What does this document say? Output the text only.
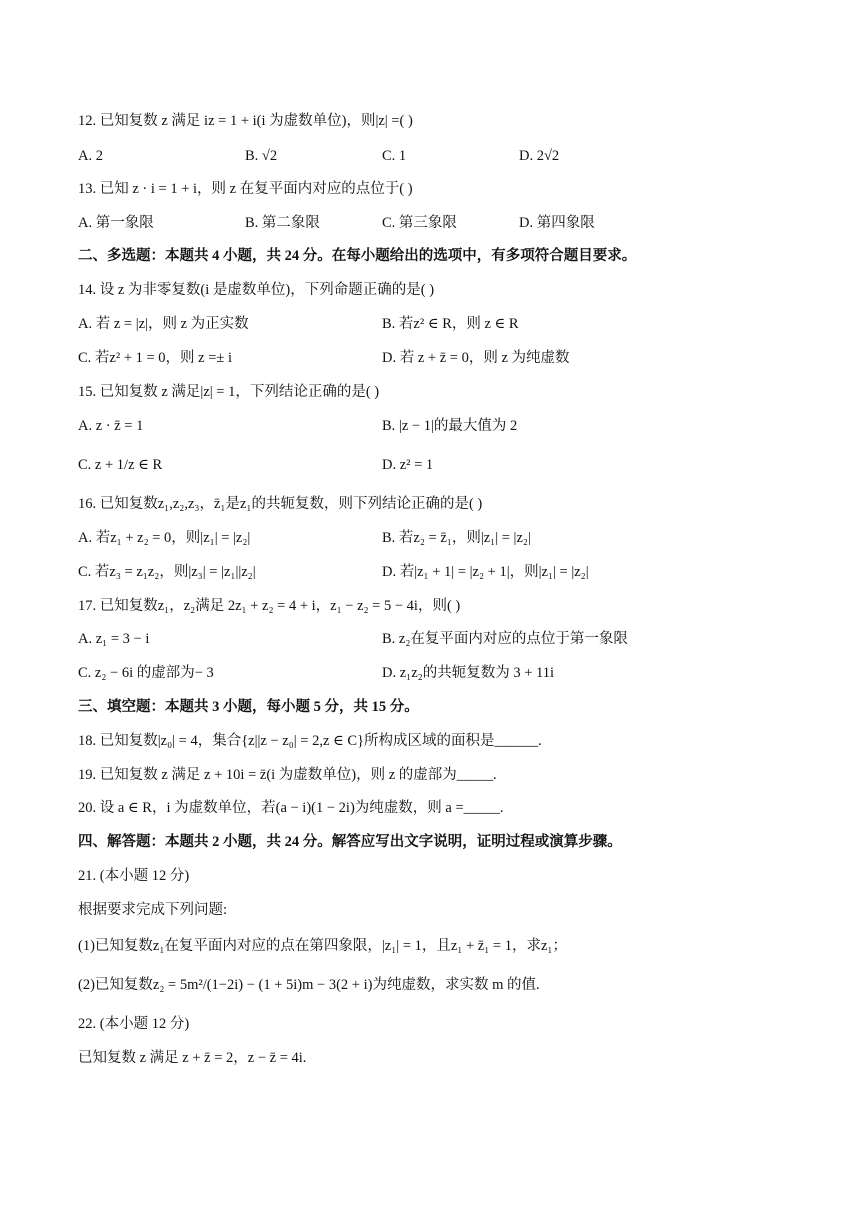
12. 已知复数 z 满足 iz = 1 + i(i 为虚数单位)，则|z| =( )
A. 2	B. √2	C. 1	D. 2√2
13. 已知 z · i = 1 + i，则 z 在复平面内对应的点位于( )
A. 第一象限	B. 第二象限	C. 第三象限	D. 第四象限
二、多选题：本题共 4 小题，共 24 分。在每小题给出的选项中，有多项符合题目要求。
14. 设 z 为非零复数(i 是虚数单位)，下列命题正确的是( )
A. 若 z = |z|，则 z 为正实数	B. 若z² ∈ R，则 z ∈ R
C. 若z² + 1 = 0，则 z =± i	D. 若 z + z̄ = 0，则 z 为纯虚数
15. 已知复数 z 满足|z| = 1，下列结论正确的是( )
A. z · z̄ = 1	B. |z − 1|的最大值为 2
C. z + 1/z ∈ R	D. z² = 1
16. 已知复数z₁,z₂,z₃，z̄₁是z₁的共轭复数，则下列结论正确的是( )
A. 若z₁ + z₂ = 0，则|z₁| = |z₂|	B. 若z₂ = z̄₁，则|z₁| = |z₂|
C. 若z₃ = z₁z₂，则|z₃| = |z₁||z₂|	D. 若|z₁ + 1| = |z₂ + 1|，则|z₁| = |z₂|
17. 已知复数z₁，z₂满足 2z₁ + z₂ = 4 + i，z₁ − z₂ = 5 − 4i，则( )
A. z₁ = 3 − i	B. z₂在复平面内对应的点位于第一象限
C. z₂ − 6i 的虚部为− 3	D. z₁z₂的共轭复数为 3 + 11i
三、填空题：本题共 3 小题，每小题 5 分，共 15 分。
18. 已知复数|z₀| = 4，集合{z||z − z₀| = 2,z ∈ C}所构成区域的面积是______.
19. 已知复数 z 满足 z + 10i = z̄(i 为虚数单位)，则 z 的虚部为_____.
20. 设 a ∈ R，i 为虚数单位，若(a − i)(1 − 2i)为纯虚数，则 a =_____.
四、解答题：本题共 2 小题，共 24 分。解答应写出文字说明，证明过程或演算步骤。
21. (本小题 12 分)
根据要求完成下列问题:
(1)已知复数z₁在复平面内对应的点在第四象限，|z₁| = 1，且z₁ + z̄₁ = 1，求z₁；
(2)已知复数z₂ = 5m²/(1−2i) − (1 + 5i)m − 3(2 + i)为纯虚数，求实数 m 的值.
22. (本小题 12 分)
已知复数 z 满足 z + z̄ = 2，z − z̄ = 4i.
